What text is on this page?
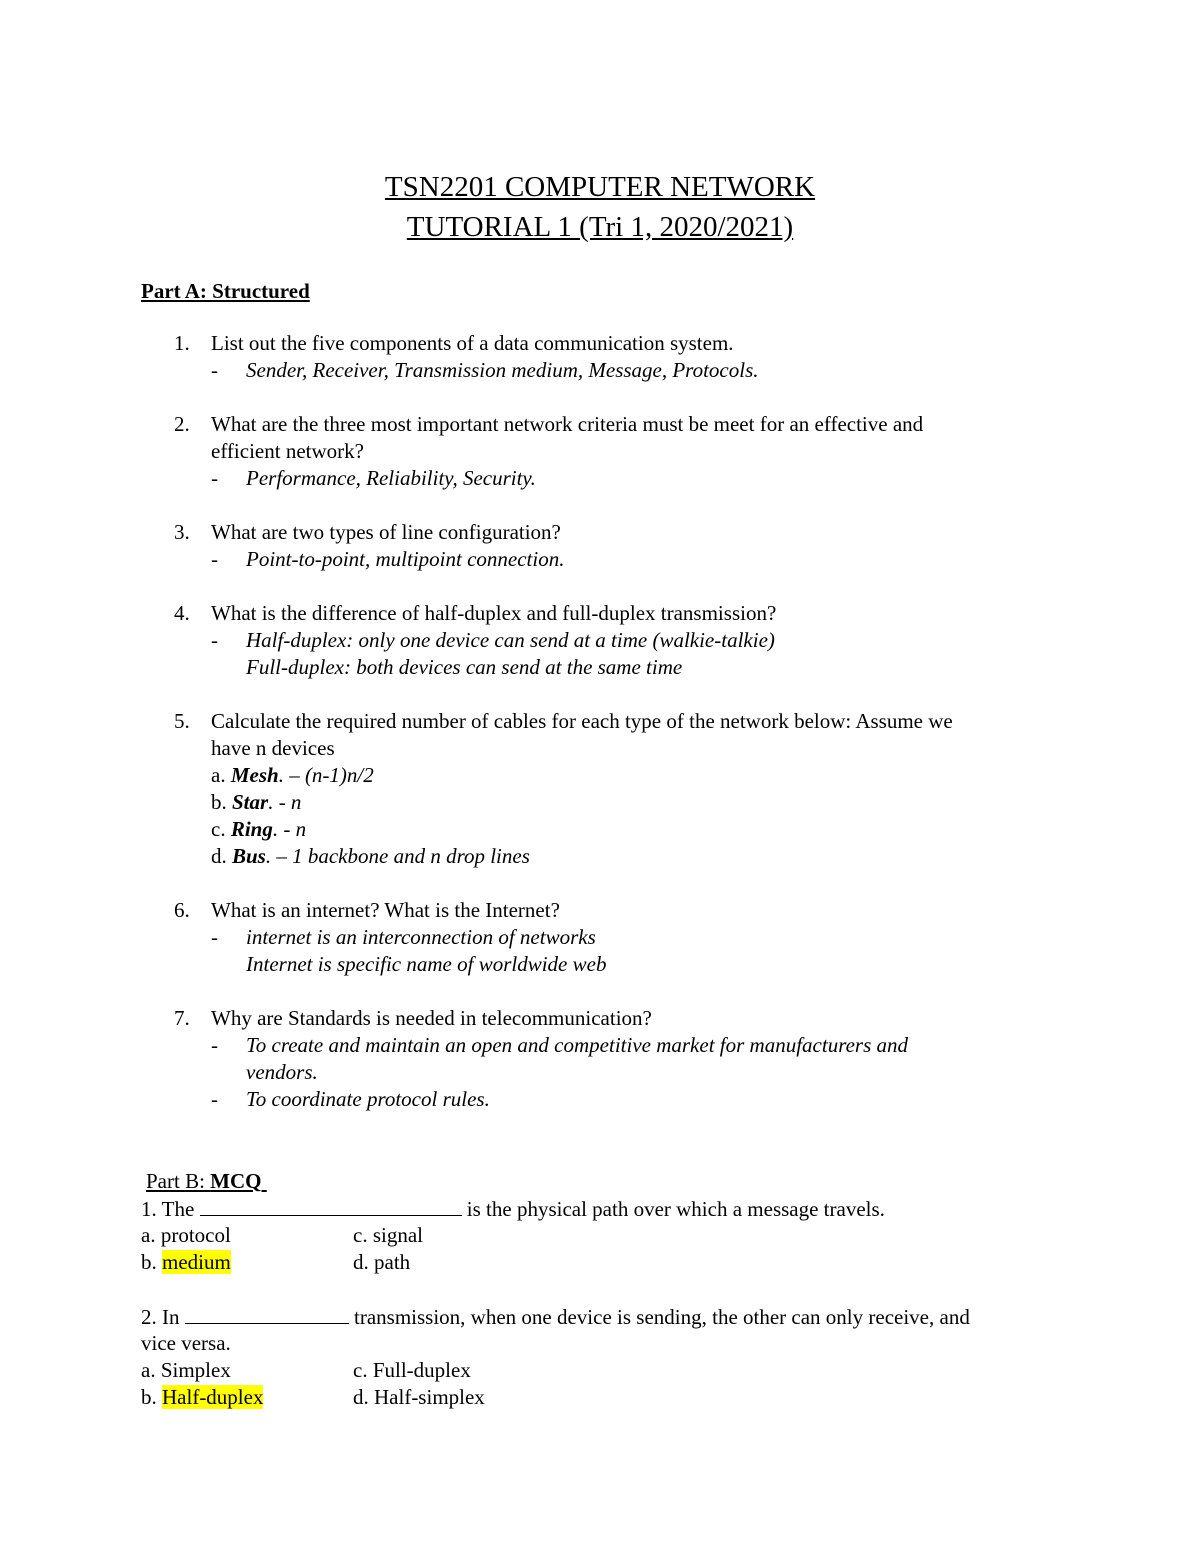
TSN2201 COMPUTER NETWORK
TUTORIAL 1 (Tri 1, 2020/2021)
Part A: Structured
1. List out the five components of a data communication system.
- Sender, Receiver, Transmission medium, Message, Protocols.
2. What are the three most important network criteria must be meet for an effective and
efficient network?
- Performance, Reliability, Security.
3. What are two types of line configuration?
- Point-to-point, multipoint connection.
4. What is the difference of half-duplex and full-duplex transmission?
- Half-duplex: only one device can send at a time (walkie-talkie)
Full-duplex: both devices can send at the same time
5. Calculate the required number of cables for each type of the network below: Assume we
have n devices
a. Mesh. – (n-1)n/2
b. Star. - n
c. Ring. - n
d. Bus. – 1 backbone and n drop lines
6. What is an internet? What is the Internet?
- internet is an interconnection of networks
Internet is specific name of worldwide web
7. Why are Standards is needed in telecommunication?
- To create and maintain an open and competitive market for manufacturers and
vendors.
- To coordinate protocol rules.
Part B: MCQ
1. The	is the physical path over which a message travels.
a. protocol	c. signal
b. medium	d. path
2. In	transmission, when one device is sending, the other can only receive, and
vice versa.
a. Simplex	c. Full-duplex
b. Half-duplex	d. Half-simplex
